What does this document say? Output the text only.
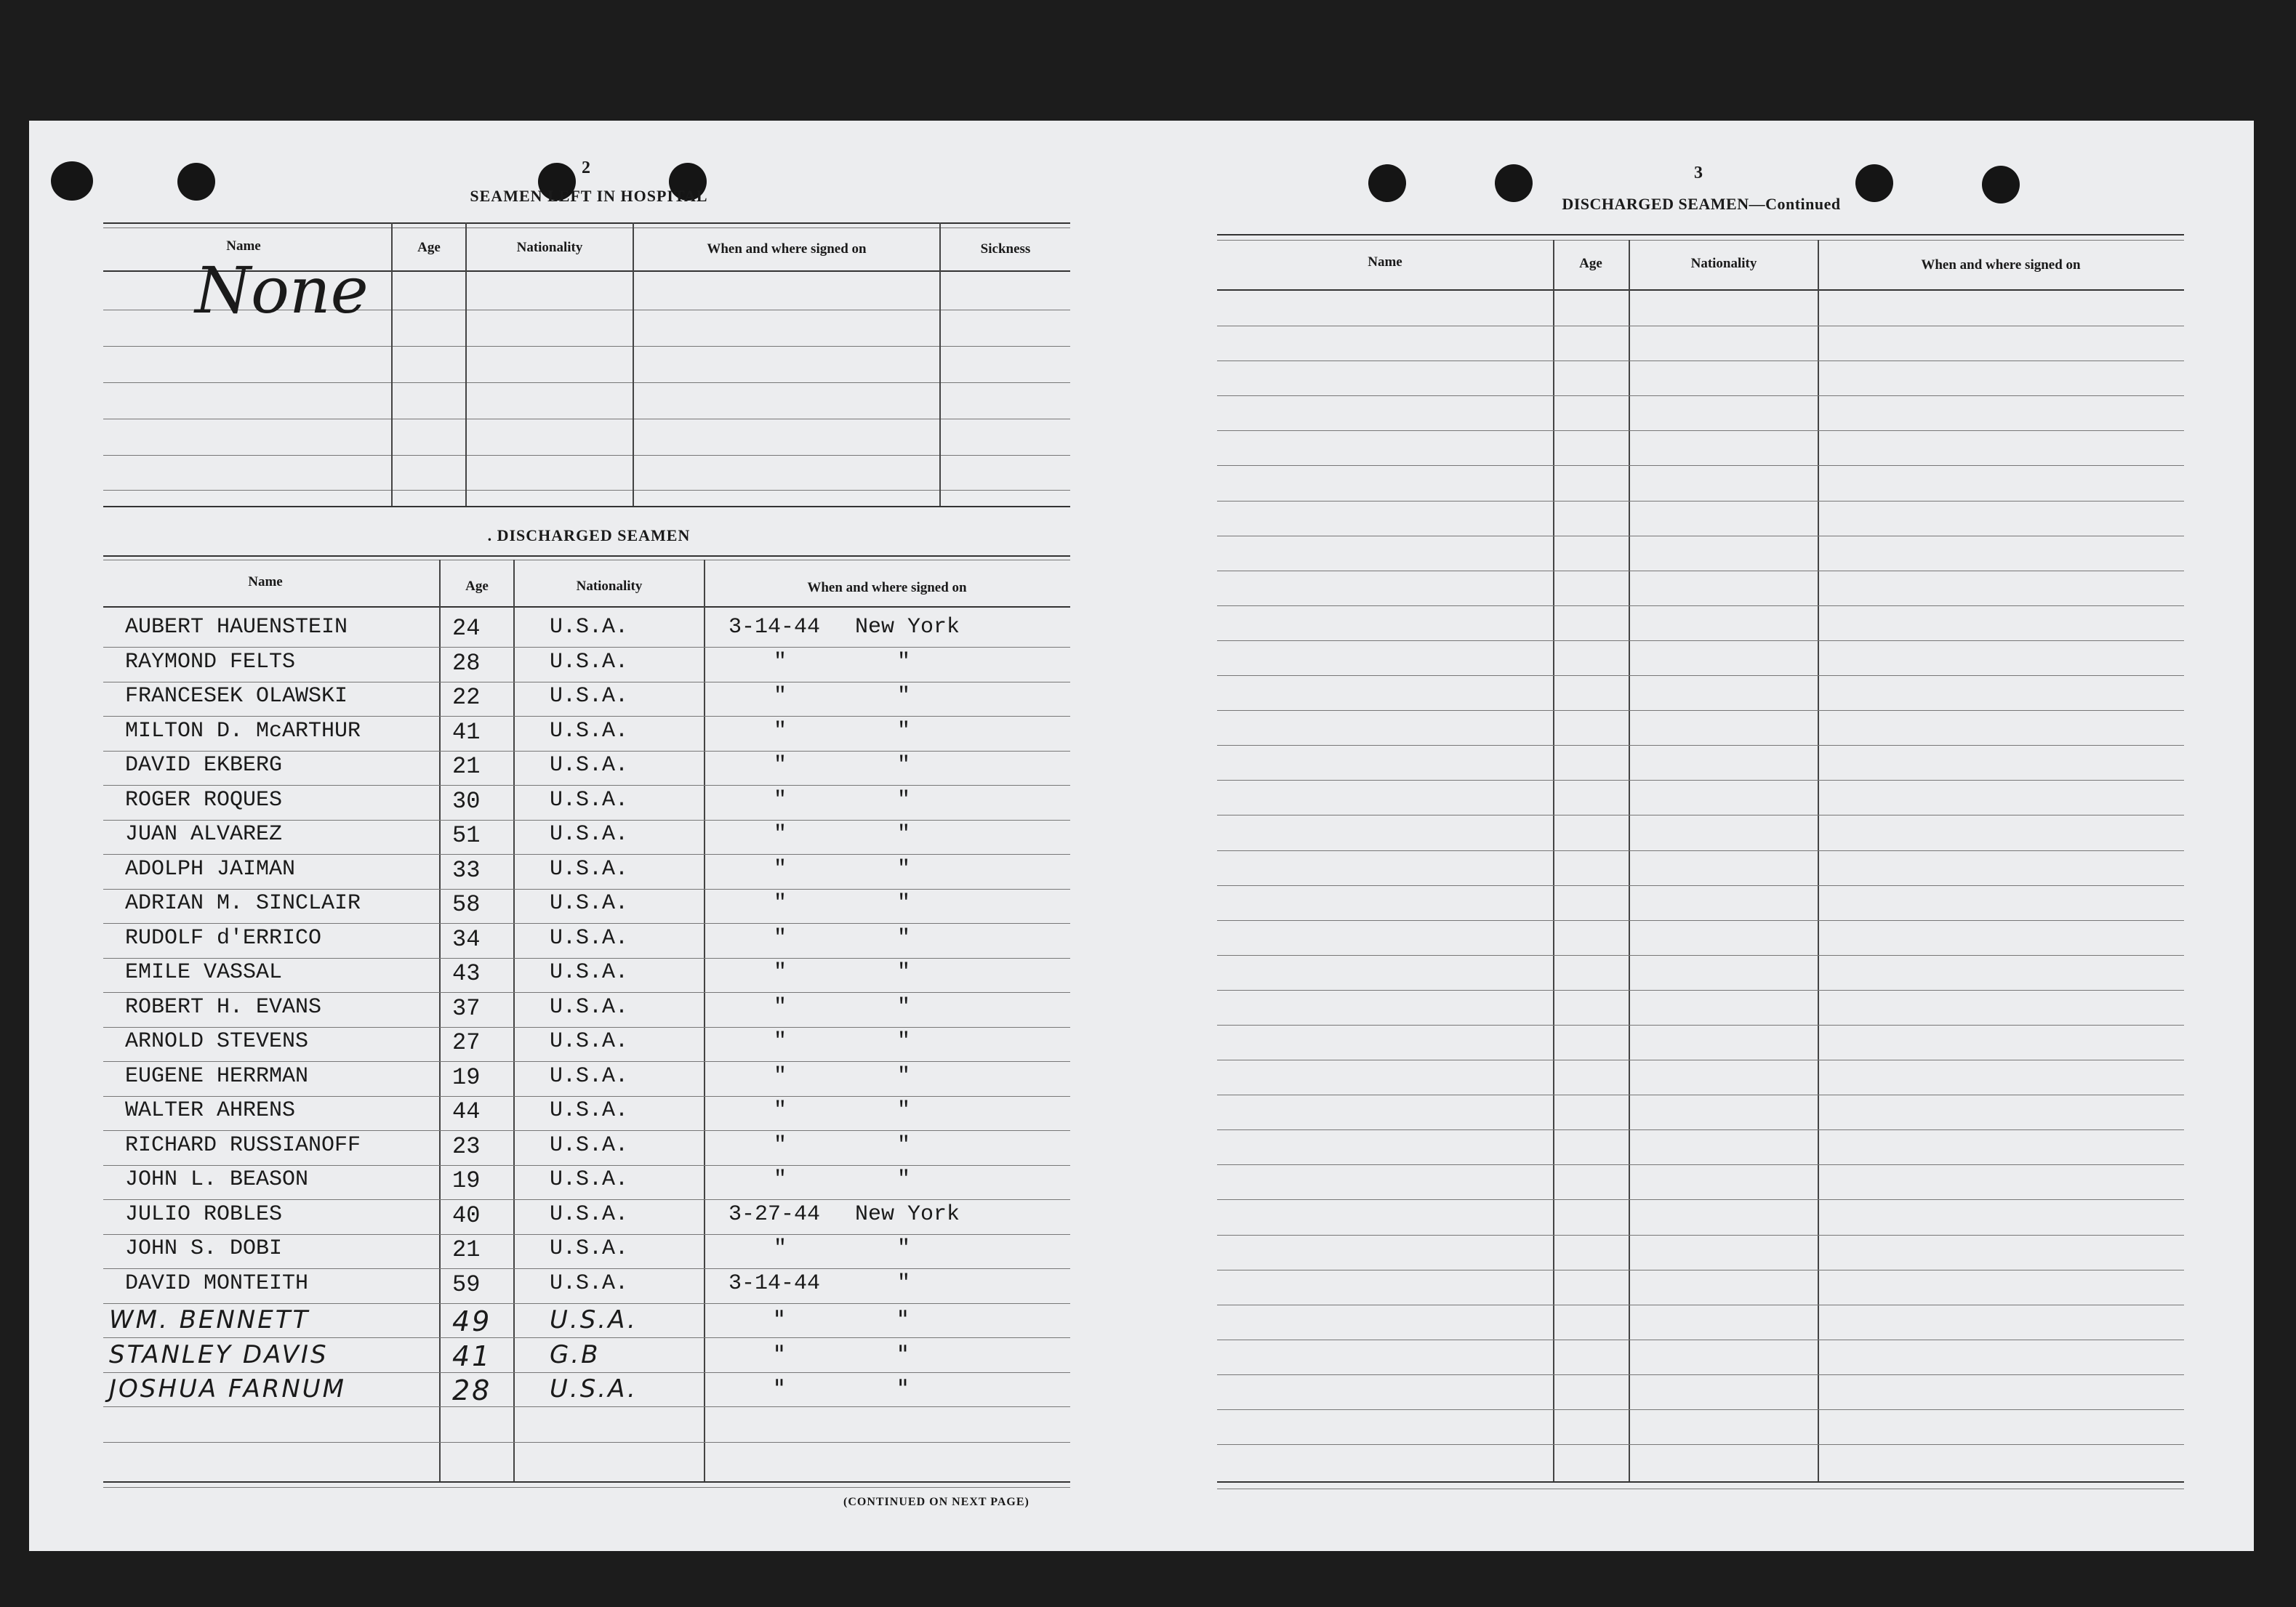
2
SEAMEN LEFT IN HOSPITAL
Name	Age	Nationality	When and where signed on	Sickness
None
. DISCHARGED SEAMEN
Name	Age	Nationality	When and where signed on
AUBERT HAUENSTEIN	24	U.S.A.	3-14-44 New York
RAYMOND FELTS	28	U.S.A.	"	"
FRANCESEK OLAWSKI	22	U.S.A.	"	"
MILTON D. McARTHUR	41	U.S.A.	"	"
DAVID EKBERG	21	U.S.A.	"	"
ROGER ROQUES	30	U.S.A.	"	"
JUAN ALVAREZ	51	U.S.A.	"	"
ADOLPH JAIMAN	33	U.S.A.	"	"
ADRIAN M. SINCLAIR	58	U.S.A.	"	"
RUDOLF d'ERRICO	34	U.S.A.	"	"
EMILE VASSAL	43	U.S.A.	"	"
ROBERT H. EVANS	37	U.S.A.	"	"
ARNOLD STEVENS	27	U.S.A.	"	"
EUGENE HERRMAN	19	U.S.A.	"	"
WALTER AHRENS	44	U.S.A.	"	"
RICHARD RUSSIANOFF	23	U.S.A.	"	"
JOHN L. BEASON	19	U.S.A.	"	"
JULIO ROBLES	40	U.S.A.	3-27-44 New York
JOHN S. DOBI	21	U.S.A.	"	"
DAVID MONTEITH	59	U.S.A.	3-14-44	"
WM. BENNETT	49 U.S.A.	"	"
STANLEY DAVIS	41 G.B	"	"
JOSHUA FARNUM	28 U.S.A.	"	"
(CONTINUED ON NEXT PAGE)
3
DISCHARGED SEAMEN—Continued
Name	Age	Nationality	When and where signed on
